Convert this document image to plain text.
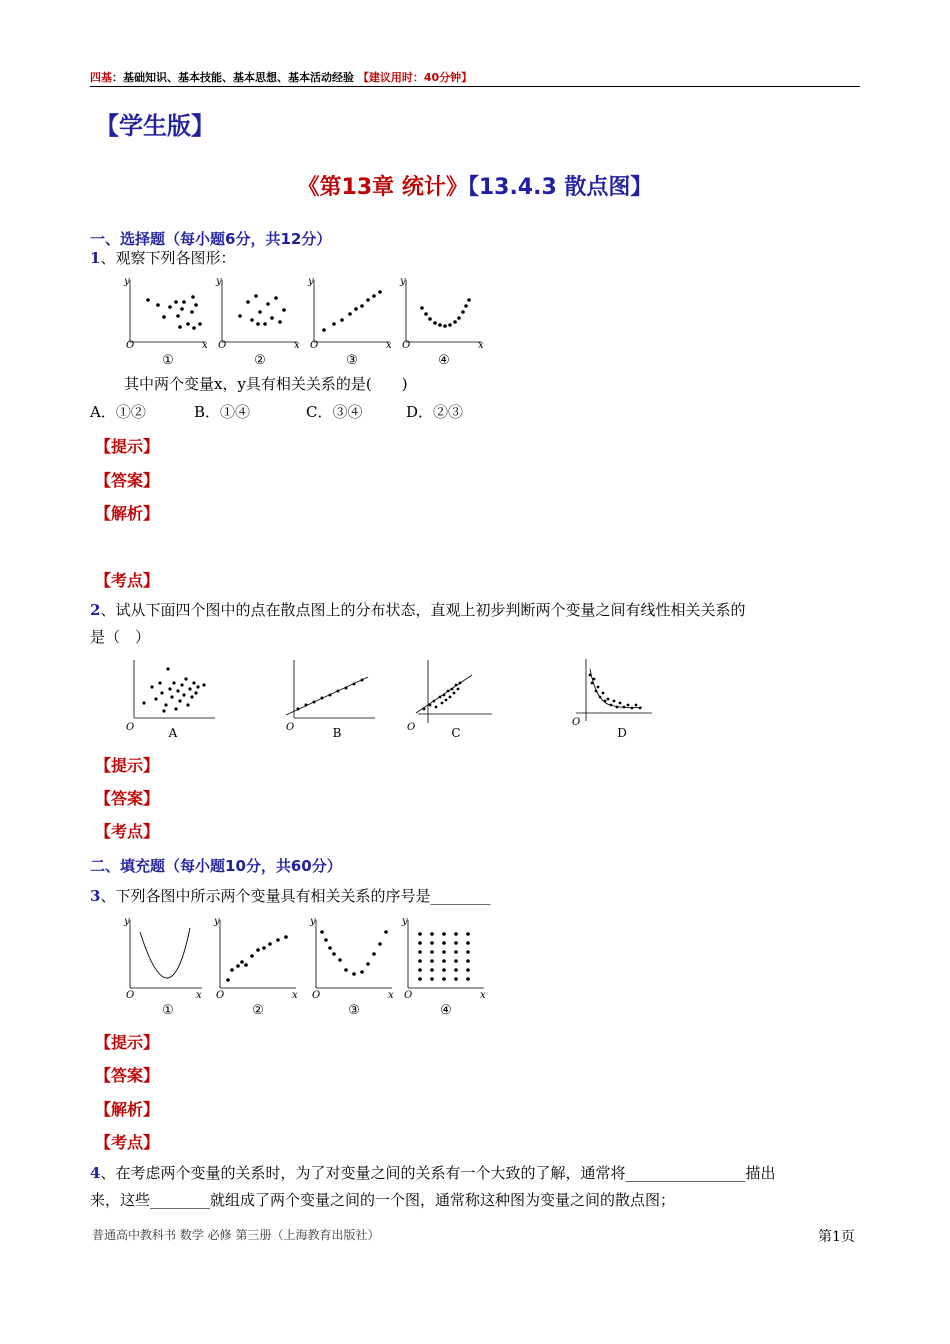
四基：基础知识、基本技能、基本思想、基本活动经验 【建议用时：40分钟】
【学生版】
《第13章 统计》【13.4.3 散点图】
一、选择题（每小题6分，共12分）
1、观察下列各图形：
y
O	x
y
O	x
y
O	x
y
O	x
①	②	③	④
其中两个变量x，y具有相关关系的是(　　)
A．①②	B．①④	C．③④	D．②③
【提示】
【答案】
【解析】
【考点】
2、试从下面四个图中的点在散点图上的分布状态，直观上初步判断两个变量之间有线性相关关系的
是（　）
O	O	O
O
A	B	C	D
【提示】
【答案】
【考点】
二、填充题（每小题10分，共60分）
3、下列各图中所示两个变量具有相关关系的序号是________
y
O	x
y
O	x
y
O	x
y
O	x
①	②	③	④
【提示】
【答案】
【解析】
【考点】
4、在考虑两个变量的关系时，为了对变量之间的关系有一个大致的了解，通常将________________描出
来，这些________就组成了两个变量之间的一个图，通常称这种图为变量之间的散点图；
普通高中教科书 数学 必修 第三册（上海教育出版社）	第1页
